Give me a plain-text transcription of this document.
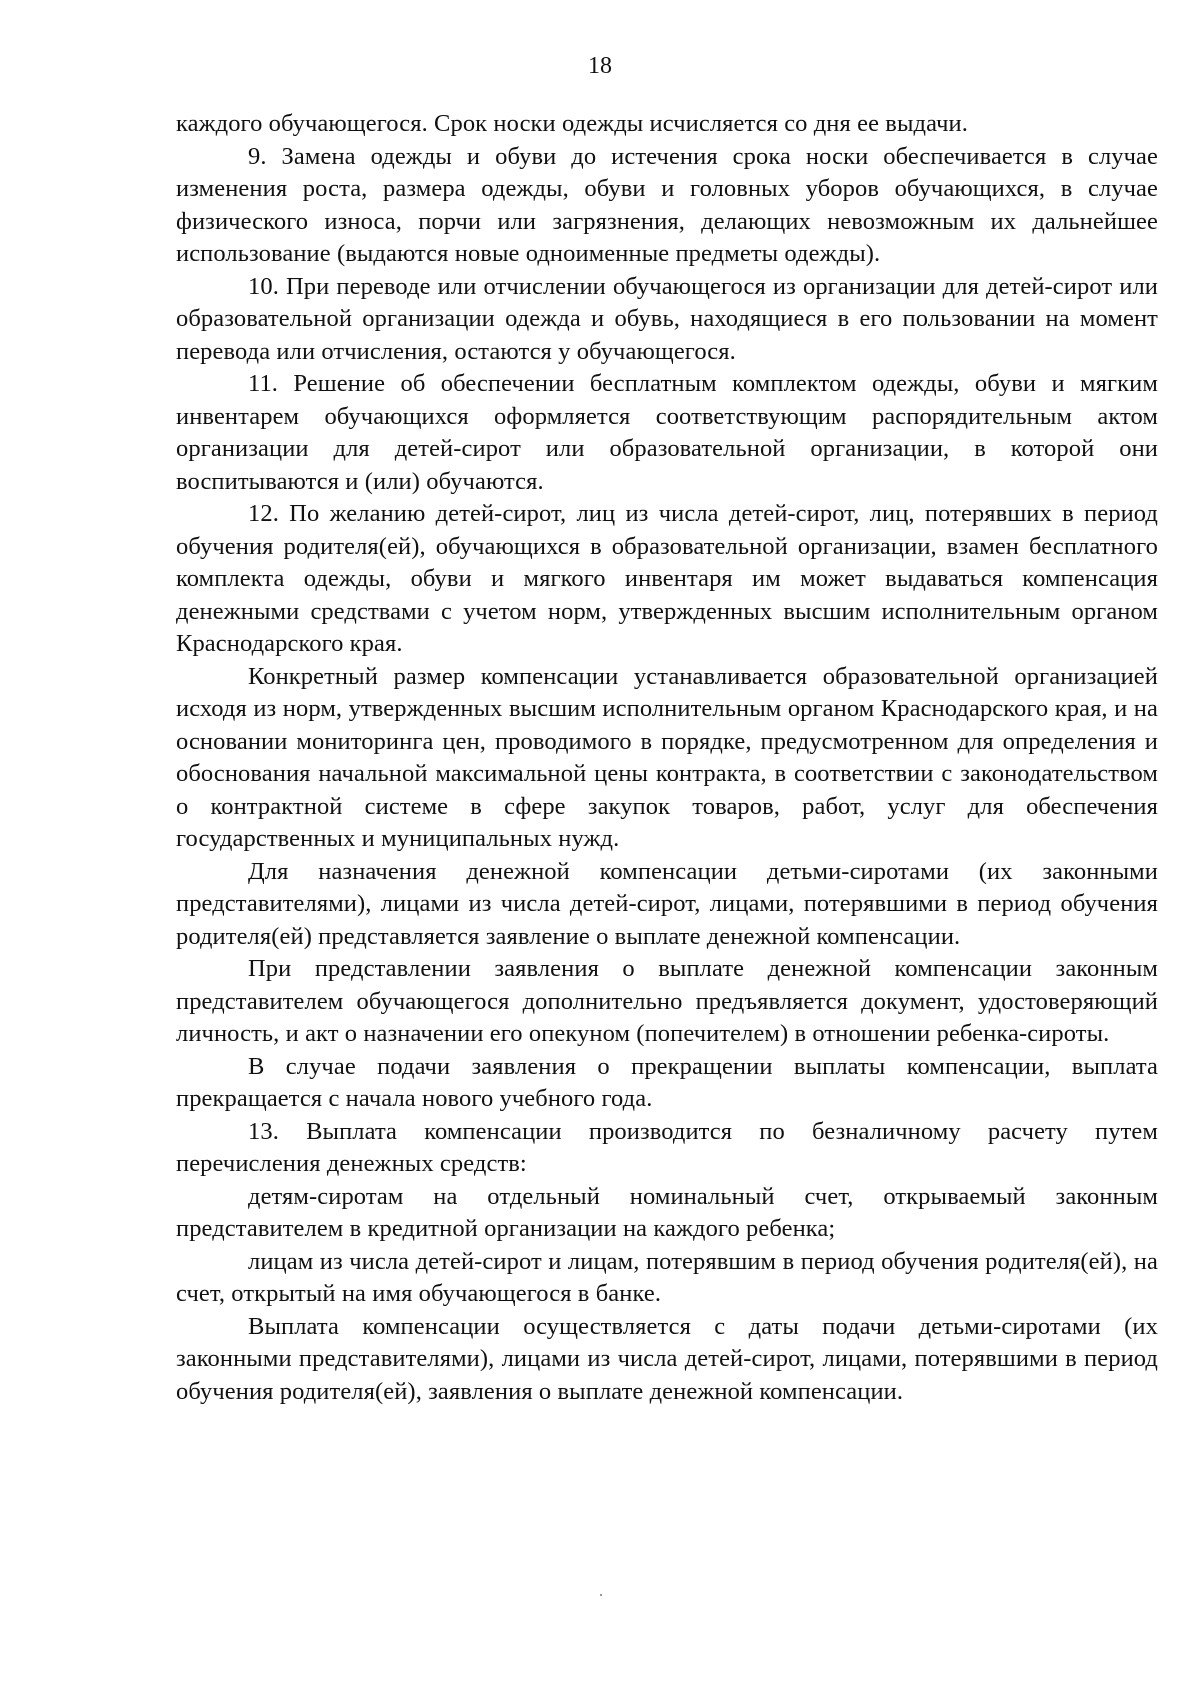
18

каждого обучающегося. Срок носки одежды исчисляется со дня ее выдачи.

9. Замена одежды и обуви до истечения срока носки обеспечивается в случае изменения роста, размера одежды, обуви и головных уборов обучающихся, в случае физического износа, порчи или загрязнения, делающих невозможным их дальнейшее использование (выдаются новые одноименные предметы одежды).

10. При переводе или отчислении обучающегося из организации для детей-сирот или образовательной организации одежда и обувь, находящиеся в его пользовании на момент перевода или отчисления, остаются у обучающегося.

11. Решение об обеспечении бесплатным комплектом одежды, обуви и мягким инвентарем обучающихся оформляется соответствующим распорядительным актом организации для детей-сирот или образовательной организации, в которой они воспитываются и (или) обучаются.

12. По желанию детей-сирот, лиц из числа детей-сирот, лиц, потерявших в период обучения родителя(ей), обучающихся в образовательной организации, взамен бесплатного комплекта одежды, обуви и мягкого инвентаря им может выдаваться компенсация денежными средствами с учетом норм, утвержденных высшим исполнительным органом Краснодарского края.

Конкретный размер компенсации устанавливается образовательной организацией исходя из норм, утвержденных высшим исполнительным органом Краснодарского края, и на основании мониторинга цен, проводимого в порядке, предусмотренном для определения и обоснования начальной максимальной цены контракта, в соответствии с законодательством о контрактной системе в сфере закупок товаров, работ, услуг для обеспечения государственных и муниципальных нужд.

Для назначения денежной компенсации детьми-сиротами (их законными представителями), лицами из числа детей-сирот, лицами, потерявшими в период обучения родителя(ей) представляется заявление о выплате денежной компенсации.

При представлении заявления о выплате денежной компенсации законным представителем обучающегося дополнительно предъявляется документ, удостоверяющий личность, и акт о назначении его опекуном (попечителем) в отношении ребенка-сироты.

В случае подачи заявления о прекращении выплаты компенсации, выплата прекращается с начала нового учебного года.

13. Выплата компенсации производится по безналичному расчету путем перечисления денежных средств:

детям-сиротам на отдельный номинальный счет, открываемый законным представителем в кредитной организации на каждого ребенка;

лицам из числа детей-сирот и лицам, потерявшим в период обучения родителя(ей), на счет, открытый на имя обучающегося в банке.

Выплата компенсации осуществляется с даты подачи детьми-сиротами (их законными представителями), лицами из числа детей-сирот, лицами, потерявшими в период обучения родителя(ей), заявления о выплате денежной компенсации.
